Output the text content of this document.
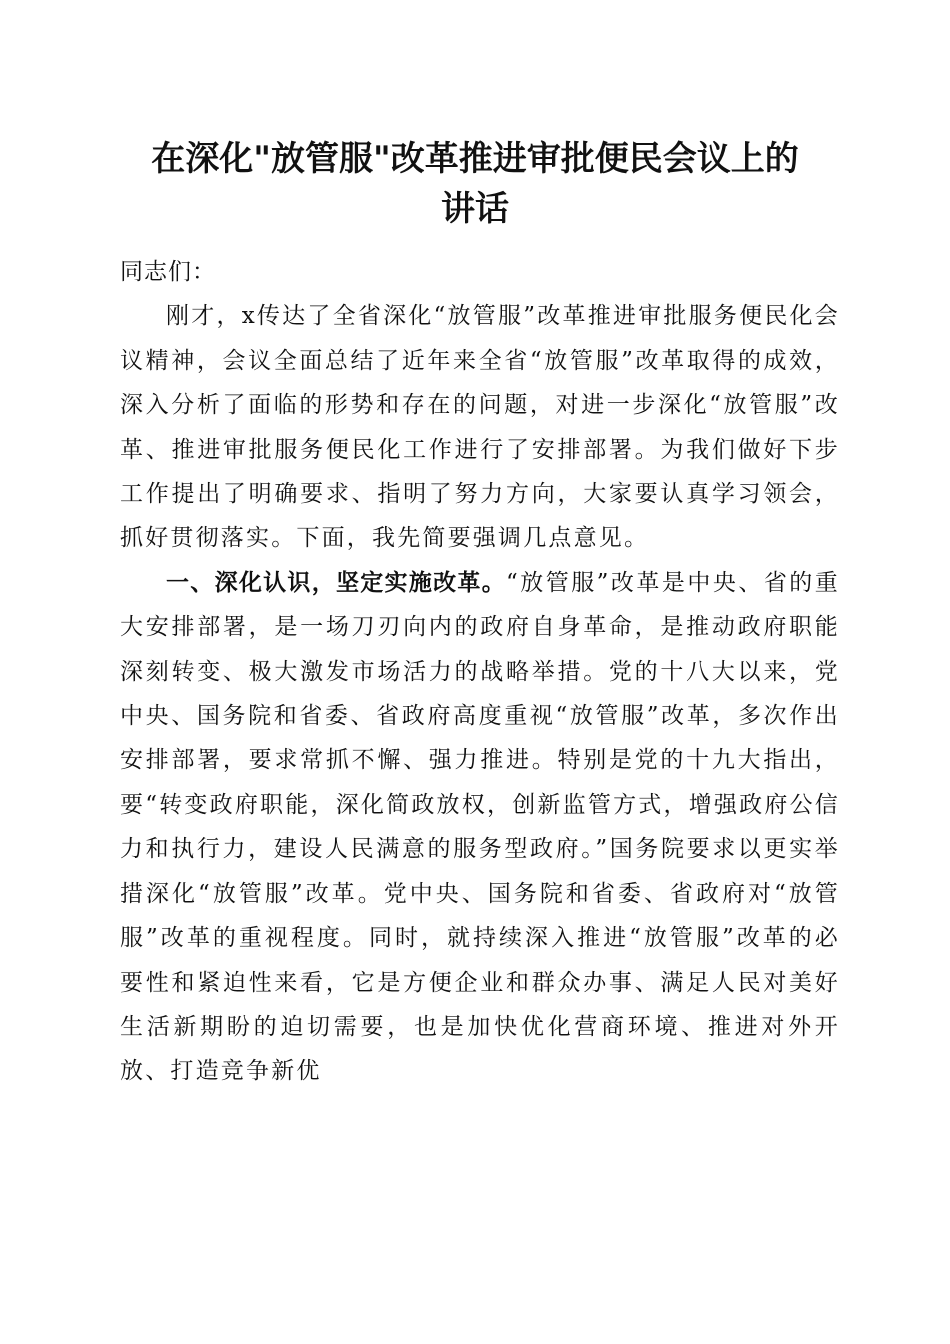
在深化"放管服"改革推进审批便民会议上的
讲话

同志们：

刚才，x传达了全省深化“放管服”改革推进审批服务便民化会议精神，会议全面总结了近年来全省“放管服”改革取得的成效，深入分析了面临的形势和存在的问题，对进一步深化“放管服”改革、推进审批服务便民化工作进行了安排部署。为我们做好下步工作提出了明确要求、指明了努力方向，大家要认真学习领会，抓好贯彻落实。下面，我先简要强调几点意见。

一、深化认识，坚定实施改革。“放管服”改革是中央、省的重大安排部署，是一场刀刃向内的政府自身革命，是推动政府职能深刻转变、极大激发市场活力的战略举措。党的十八大以来，党中央、国务院和省委、省政府高度重视“放管服”改革，多次作出安排部署，要求常抓不懈、强力推进。特别是党的十九大指出，要“转变政府职能，深化简政放权，创新监管方式，增强政府公信力和执行力，建设人民满意的服务型政府。”国务院要求以更实举措深化“放管服”改革。党中央、国务院和省委、省政府对“放管服”改革的重视程度。同时，就持续深入推进“放管服”改革的必要性和紧迫性来看，它是方便企业和群众办事、满足人民对美好生活新期盼的迫切需要，也是加快优化营商环境、推进对外开放、打造竞争新优
